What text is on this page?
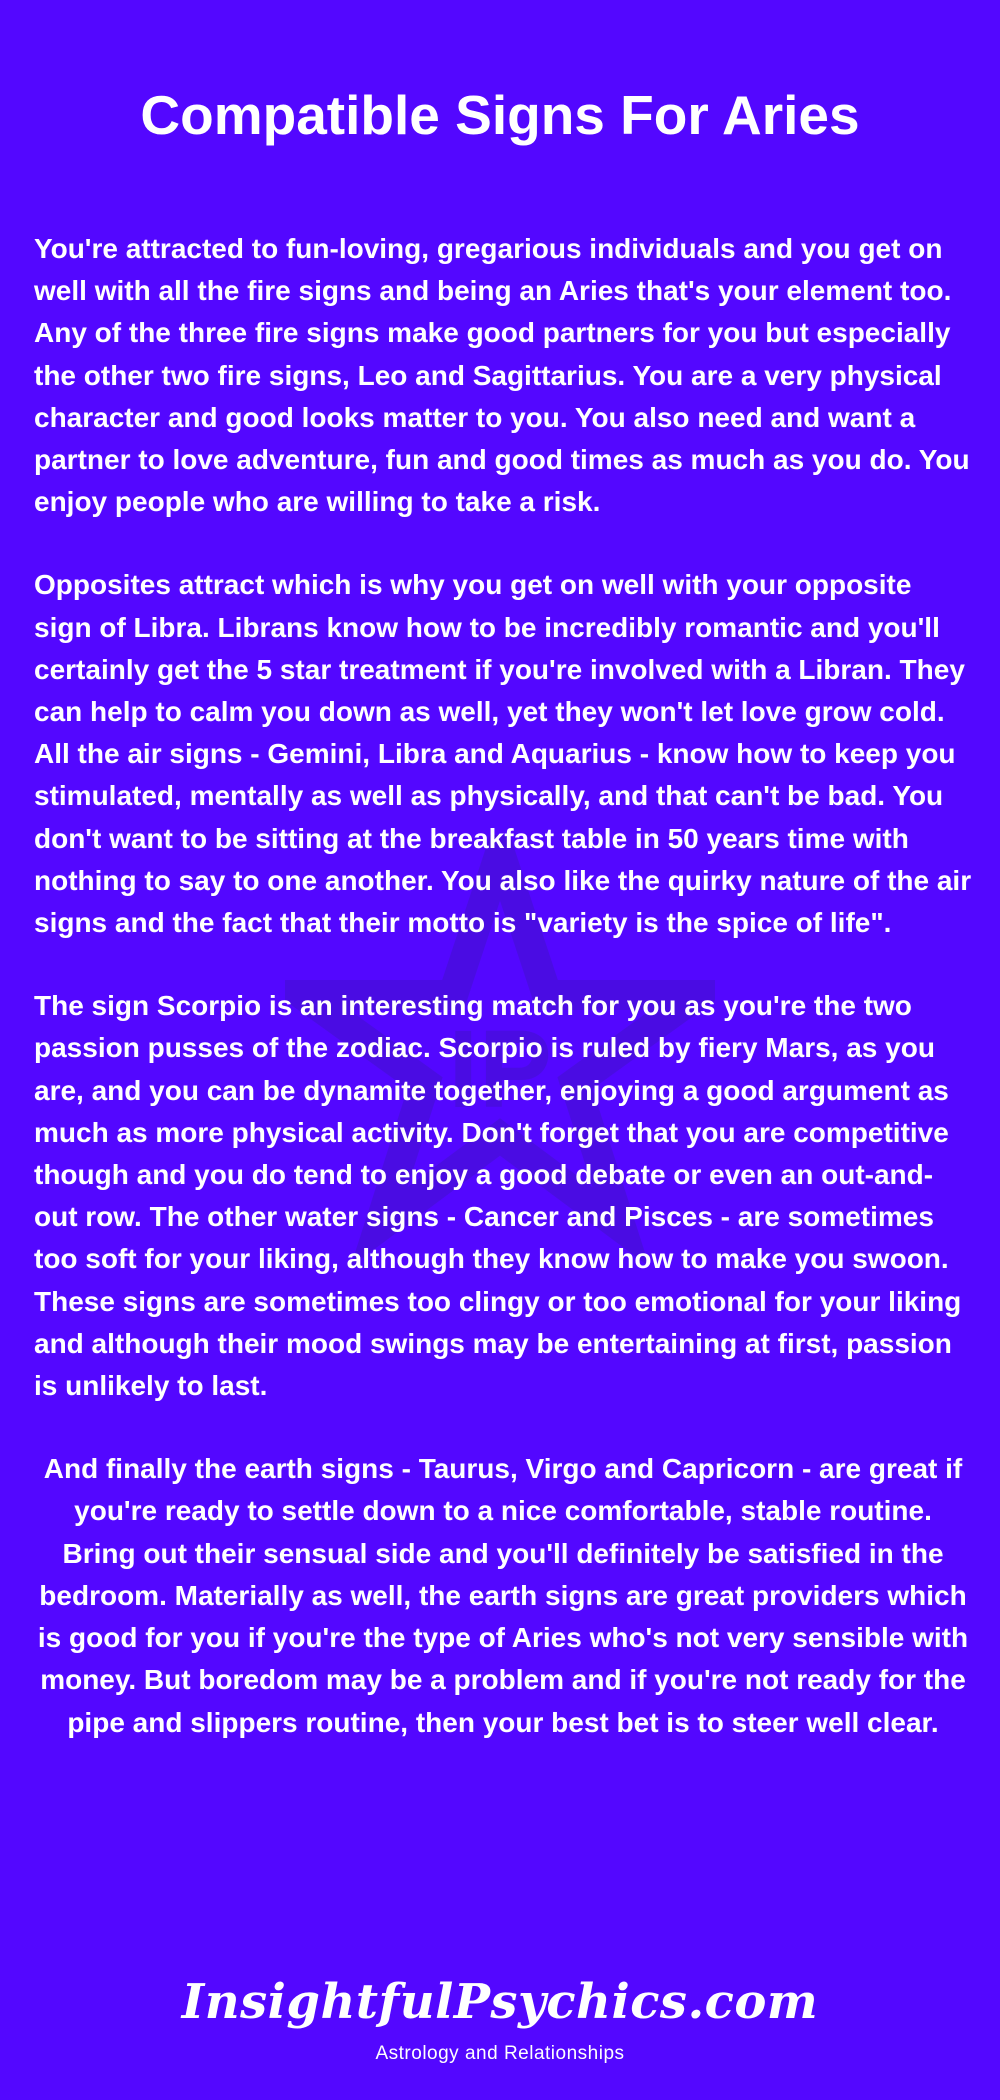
IP
Compatible Signs For Aries

You're attracted to fun-loving, gregarious individuals and you get on well with all the fire signs and being an Aries that's your element too. Any of the three fire signs make good partners for you but especially the other two fire signs, Leo and Sagittarius. You are a very physical character and good looks matter to you. You also need and want a partner to love adventure, fun and good times as much as you do. You enjoy people who are willing to take a risk.

Opposites attract which is why you get on well with your opposite sign of Libra. Librans know how to be incredibly romantic and you'll certainly get the 5 star treatment if you're involved with a Libran. They can help to calm you down as well, yet they won't let love grow cold. All the air signs - Gemini, Libra and Aquarius - know how to keep you stimulated, mentally as well as physically, and that can't be bad. You don't want to be sitting at the breakfast table in 50 years time with nothing to say to one another. You also like the quirky nature of the air signs and the fact that their motto is "variety is the spice of life".

The sign Scorpio is an interesting match for you as you're the two passion pusses of the zodiac. Scorpio is ruled by fiery Mars, as you are, and you can be dynamite together, enjoying a good argument as much as more physical activity. Don't forget that you are competitive though and you do tend to enjoy a good debate or even an out-and-out row. The other water signs - Cancer and Pisces - are sometimes too soft for your liking, although they know how to make you swoon. These signs are sometimes too clingy or too emotional for your liking and although their mood swings may be entertaining at first, passion is unlikely to last.

And finally the earth signs - Taurus, Virgo and Capricorn - are great if you're ready to settle down to a nice comfortable, stable routine. Bring out their sensual side and you'll definitely be satisfied in the bedroom. Materially as well, the earth signs are great providers which is good for you if you're the type of Aries who's not very sensible with money. But boredom may be a problem and if you're not ready for the pipe and slippers routine, then your best bet is to steer well clear.

InsightfulPsychics.com
Astrology and Relationships
